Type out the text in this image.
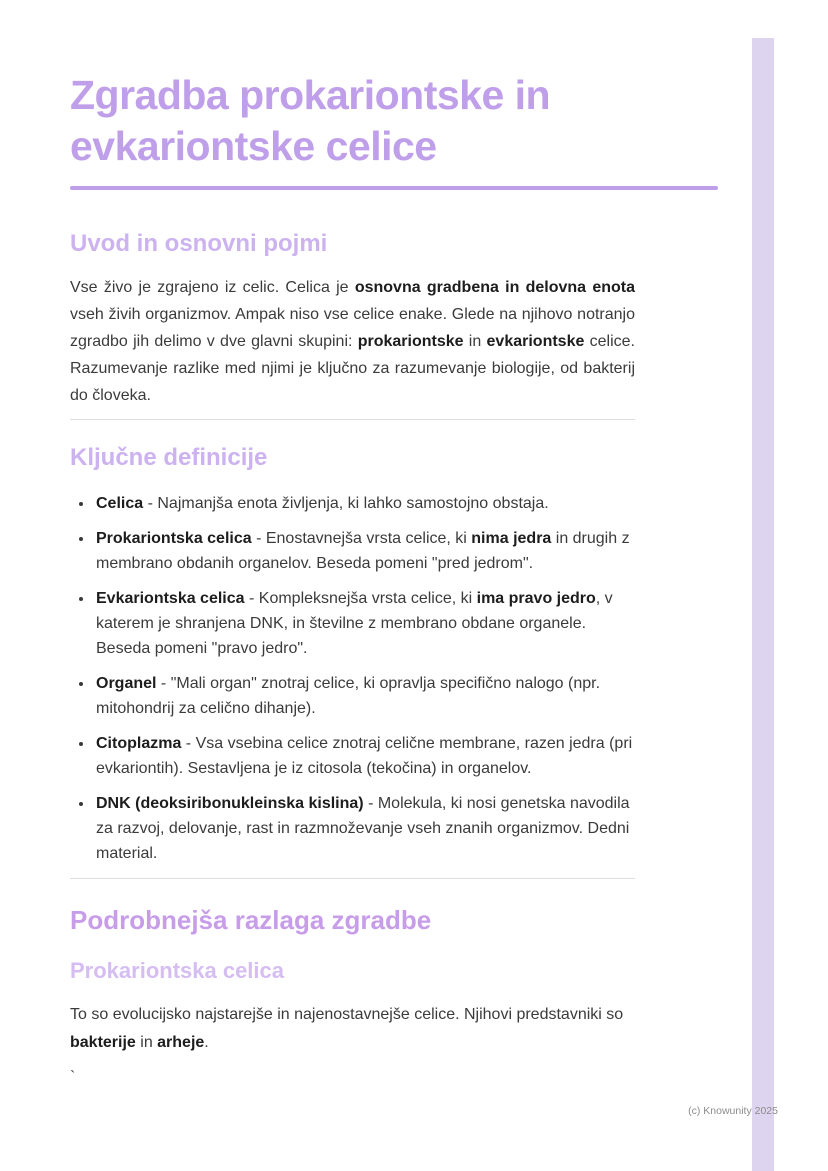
Zgradba prokariontske in evkariontske celice
Uvod in osnovni pojmi

Vse živo je zgrajeno iz celic. Celica je osnovna gradbena in delovna enota vseh živih organizmov. Ampak niso vse celice enake. Glede na njihovo notranjo zgradbo jih delimo v dve glavni skupini: prokariontske in evkariontske celice. Razumevanje razlike med njimi je ključno za razumevanje biologije, od bakterij do človeka.

Ključne definicije
• Celica - Najmanjša enota življenja, ki lahko samostojno obstaja.
• Prokariontska celica - Enostavnejša vrsta celice, ki nima jedra in drugih z membrano obdanih organelov. Beseda pomeni "pred jedrom".
• Evkariontska celica - Kompleksnejša vrsta celice, ki ima pravo jedro, v katerem je shranjena DNK, in številne z membrano obdane organele. Beseda pomeni "pravo jedro".
• Organel - "Mali organ" znotraj celice, ki opravlja specifično nalogo (npr. mitohondrij za celično dihanje).
• Citoplazma - Vsa vsebina celice znotraj celične membrane, razen jedra (pri evkariontih). Sestavljena je iz citosola (tekočina) in organelov.
• DNK (deoksiribonukleinska kislina) - Molekula, ki nosi genetska navodila za razvoj, delovanje, rast in razmnoževanje vseh znanih organizmov. Dedni material.
Podrobnejša razlaga zgradbe
Prokariontska celica

To so evolucijsko najstarejše in najenostavnejše celice. Njihovi predstavniki so bakterije in arheje.

`
(c) Knowunity 2025
